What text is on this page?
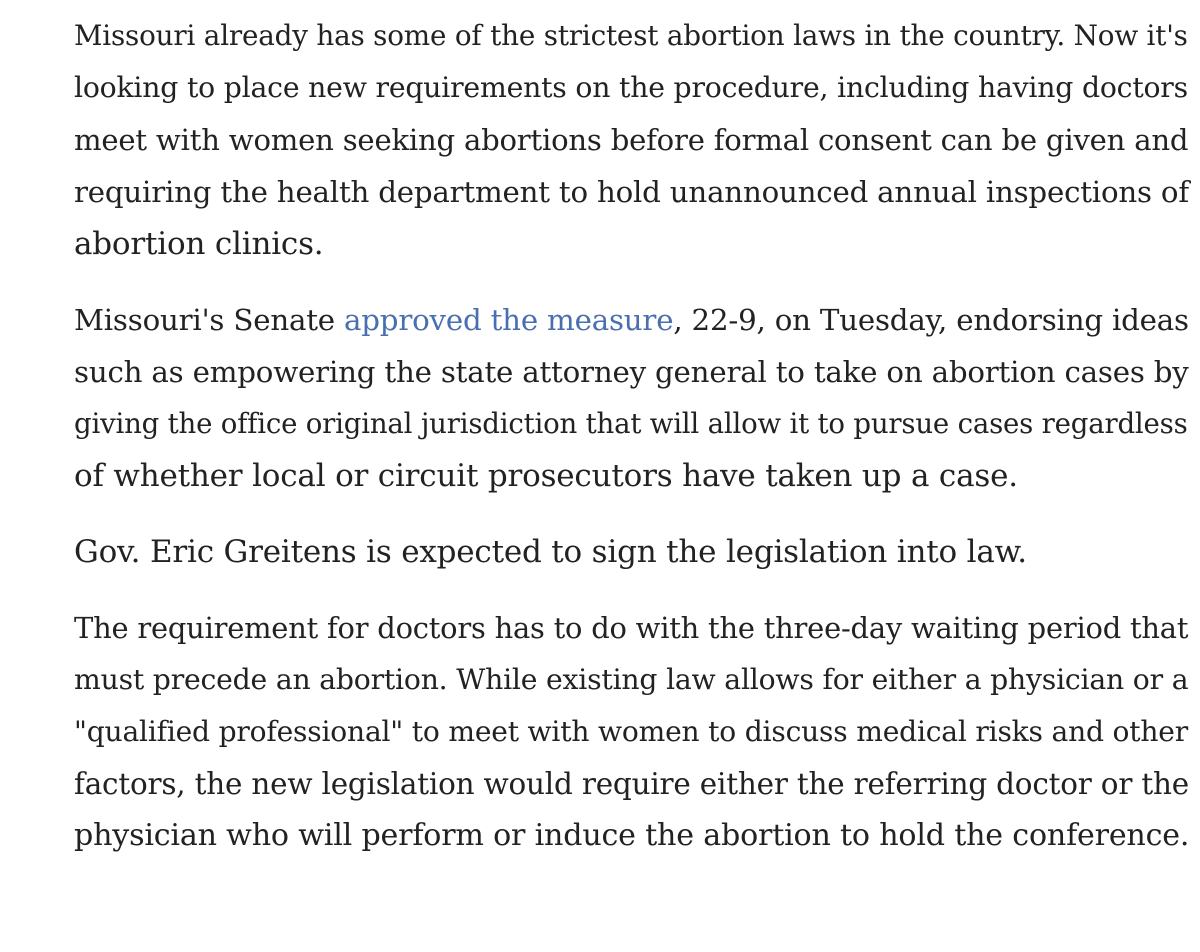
Missouri already has some of the strictest abortion laws in the country. Now it's
looking to place new requirements on the procedure, including having doctors
meet with women seeking abortions before formal consent can be given and
requiring the health department to hold unannounced annual inspections of
abortion clinics.

Missouri's Senate approved the measure, 22-9, on Tuesday, endorsing ideas
such as empowering the state attorney general to take on abortion cases by
giving the office original jurisdiction that will allow it to pursue cases regardless
of whether local or circuit prosecutors have taken up a case.

Gov. Eric Greitens is expected to sign the legislation into law.

The requirement for doctors has to do with the three-day waiting period that
must precede an abortion. While existing law allows for either a physician or a
"qualified professional" to meet with women to discuss medical risks and other
factors, the new legislation would require either the referring doctor or the
physician who will perform or induce the abortion to hold the conference.
